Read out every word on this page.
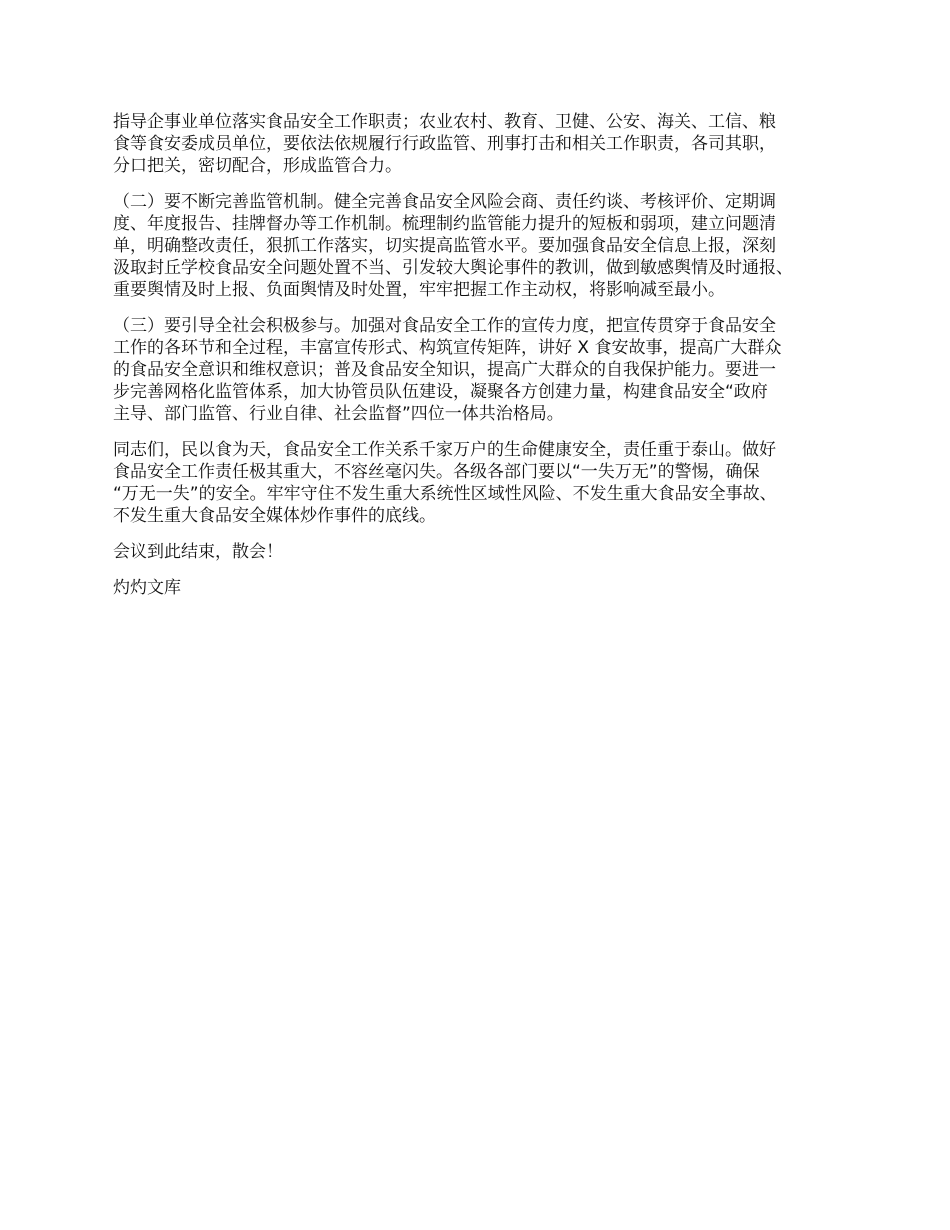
指导企事业单位落实食品安全工作职责；农业农村、教育、卫健、公安、海关、工信、粮
食等食安委成员单位，要依法依规履行行政监管、刑事打击和相关工作职责，各司其职，
分口把关，密切配合，形成监管合力。

（二）要不断完善监管机制。健全完善食品安全风险会商、责任约谈、考核评价、定期调
度、年度报告、挂牌督办等工作机制。梳理制约监管能力提升的短板和弱项，建立问题清
单，明确整改责任，狠抓工作落实，切实提高监管水平。要加强食品安全信息上报，深刻
汲取封丘学校食品安全问题处置不当、引发较大舆论事件的教训，做到敏感舆情及时通报、
重要舆情及时上报、负面舆情及时处置，牢牢把握工作主动权，将影响减至最小。

（三）要引导全社会积极参与。加强对食品安全工作的宣传力度，把宣传贯穿于食品安全
工作的各环节和全过程，丰富宣传形式、构筑宣传矩阵，讲好 X 食安故事，提高广大群众
的食品安全意识和维权意识；普及食品安全知识，提高广大群众的自我保护能力。要进一
步完善网格化监管体系，加大协管员队伍建设，凝聚各方创建力量，构建食品安全“政府
主导、部门监管、行业自律、社会监督”四位一体共治格局。

同志们，民以食为天，食品安全工作关系千家万户的生命健康安全，责任重于泰山。做好
食品安全工作责任极其重大，不容丝毫闪失。各级各部门要以“一失万无”的警惕，确保
“万无一失”的安全。牢牢守住不发生重大系统性区域性风险、不发生重大食品安全事故、
不发生重大食品安全媒体炒作事件的底线。

会议到此结束，散会！

灼灼文库
